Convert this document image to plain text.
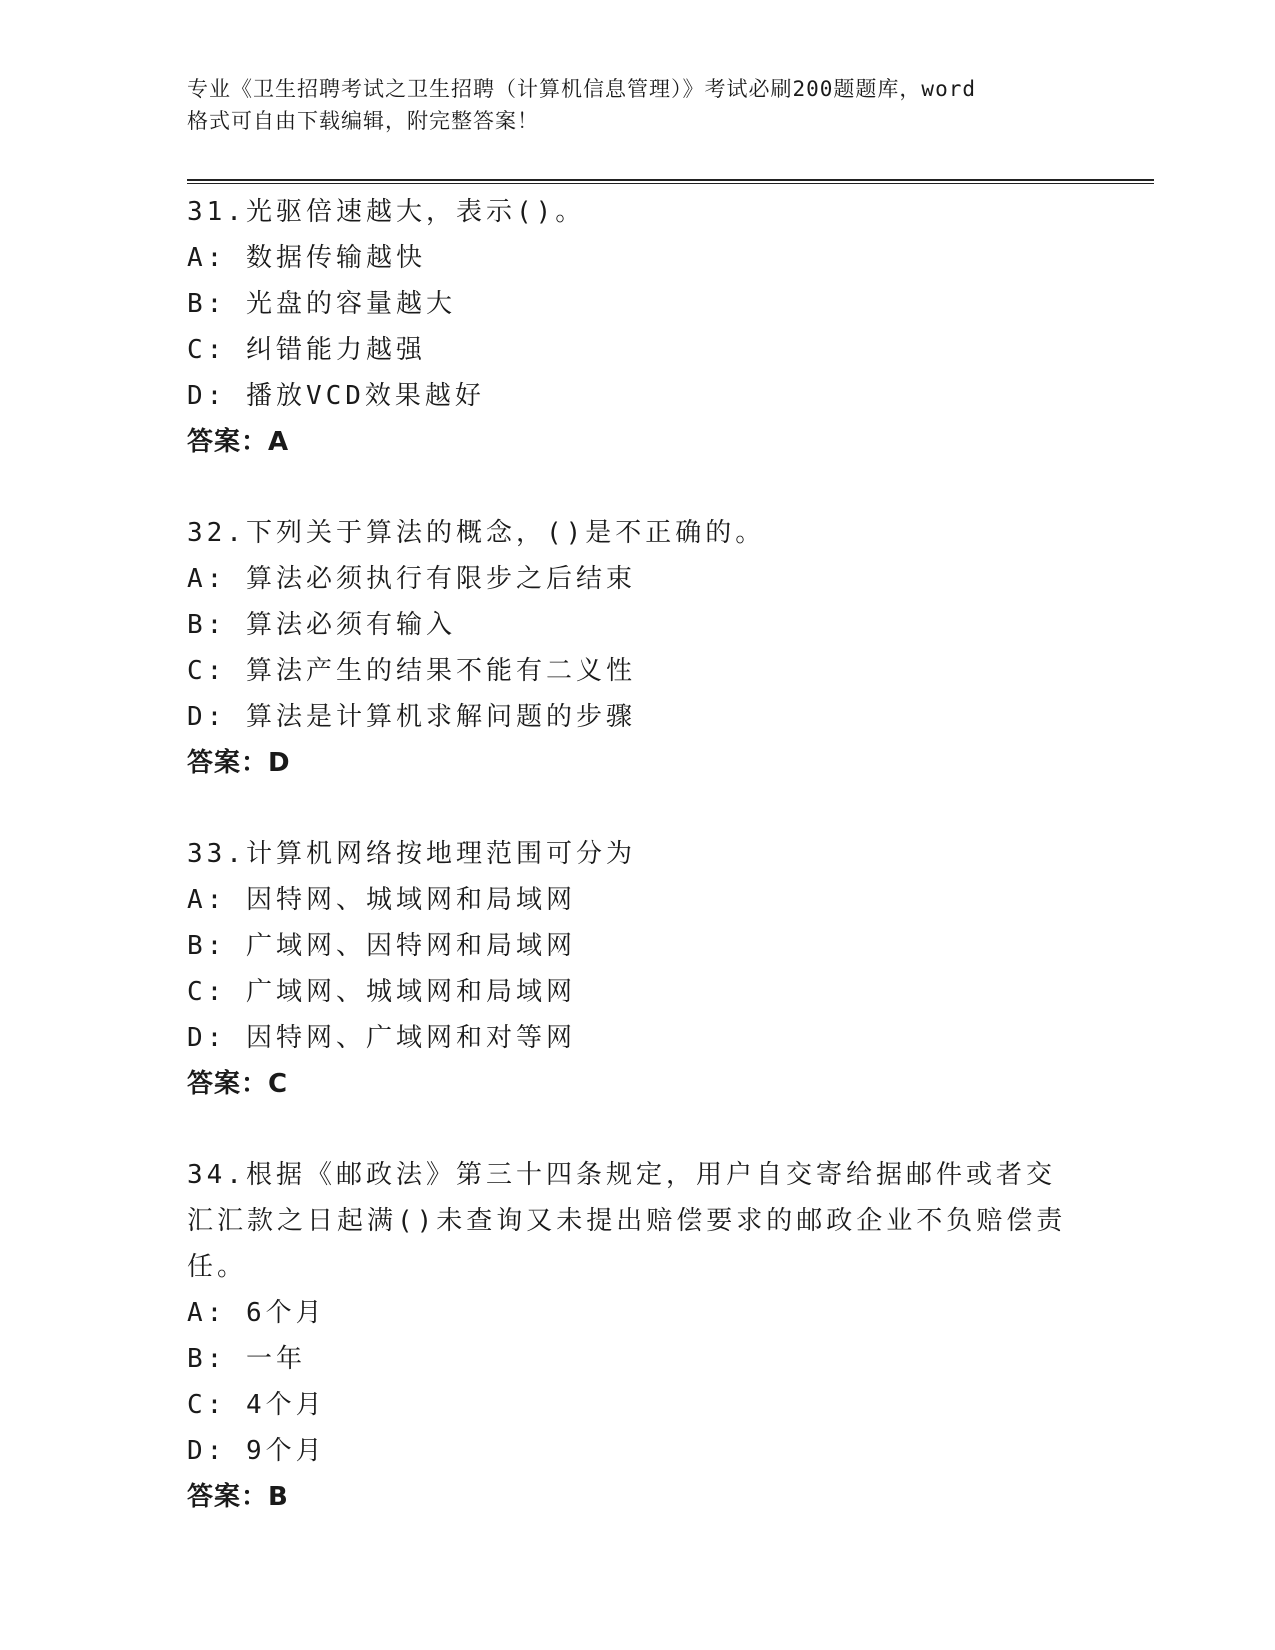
专业《卫生招聘考试之卫生招聘（计算机信息管理）》考试必刷200题题库，word
格式可自由下载编辑，附完整答案！
31.光驱倍速越大，表示()。
A: 数据传输越快
B: 光盘的容量越大
C: 纠错能力越强
D: 播放VCD效果越好
答案：A
32.下列关于算法的概念，()是不正确的。
A: 算法必须执行有限步之后结束
B: 算法必须有输入
C: 算法产生的结果不能有二义性
D: 算法是计算机求解问题的步骤
答案：D
33.计算机网络按地理范围可分为
A: 因特网、城域网和局域网
B: 广域网、因特网和局域网
C: 广域网、城域网和局域网
D: 因特网、广域网和对等网
答案：C
34.根据《邮政法》第三十四条规定，用户自交寄给据邮件或者交汇汇款之日起满()未查询又未提出赔偿要求的邮政企业不负赔偿责任。
A: 6个月
B: 一年
C: 4个月
D: 9个月
答案：B
